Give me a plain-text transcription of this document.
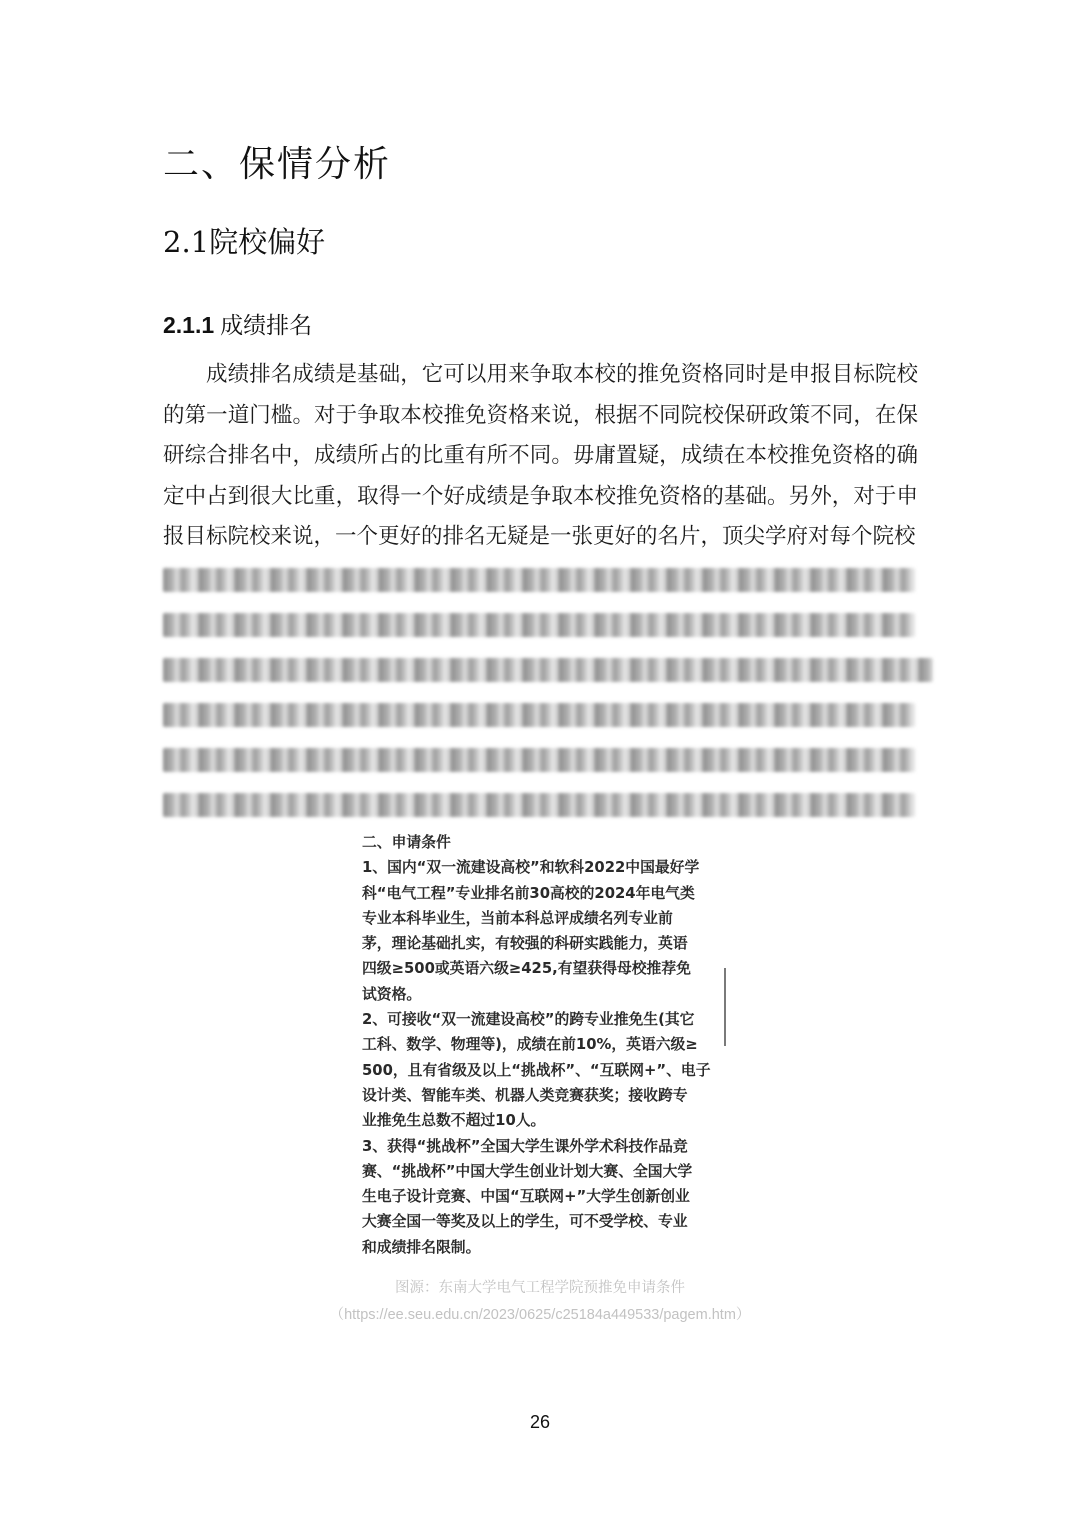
二、保情分析
2.1院校偏好
2.1.1 成绩排名

成绩排名成绩是基础，它可以用来争取本校的推免资格同时是申报目标院校的第一道门槛。对于争取本校推免资格来说，根据不同院校保研政策不同，在保研综合排名中，成绩所占的比重有所不同。毋庸置疑，成绩在本校推免资格的确定中占到很大比重，取得一个好成绩是争取本校推免资格的基础。另外，对于申报目标院校来说，一个更好的排名无疑是一张更好的名片，顶尖学府对每个院校

二、申请条件
1、国内“双一流建设高校”和软科2022中国最好学
科“电气工程”专业排名前30高校的2024年电气类
专业本科毕业生，当前本科总评成绩名列专业前
茅，理论基础扎实，有较强的科研实践能力，英语
四级≥500或英语六级≥425,有望获得母校推荐免
试资格。
2、可接收“双一流建设高校”的跨专业推免生(其它
工科、数学、物理等)，成绩在前10%，英语六级≥
500，且有省级及以上“挑战杯”、“互联网+”、电子
设计类、智能车类、机器人类竞赛获奖；接收跨专
业推免生总数不超过10人。
3、获得“挑战杯”全国大学生课外学术科技作品竞
赛、“挑战杯”中国大学生创业计划大赛、全国大学
生电子设计竞赛、中国“互联网+”大学生创新创业
大赛全国一等奖及以上的学生，可不受学校、专业
和成绩排名限制。
图源：东南大学电气工程学院预推免申请条件
（https://ee.seu.edu.cn/2023/0625/c25184a449533/pagem.htm）
26
